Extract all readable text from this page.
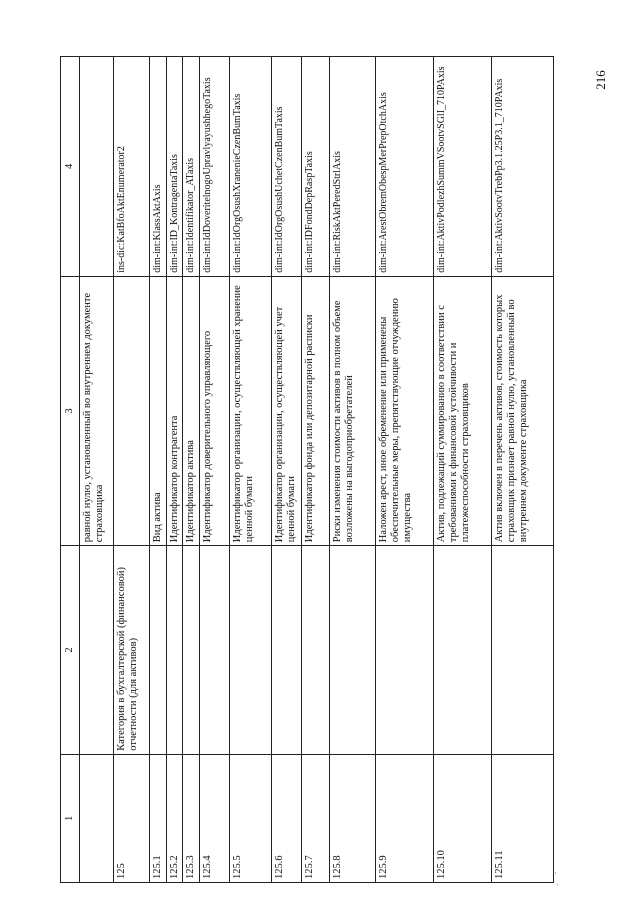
216
1	2	3	4
		равной нулю, установленный во внутреннем документе страховщика	
125	Категория в бухгалтерской (финансовой) отчетности (для активов)		ins-dic:KatBfoAktEnumerator2
125.1		Вид актива	dim-int:KlassAktAxis
125.2		Идентификатор контрагента	dim-int:ID_KontragentaTaxis
125.3		Идентификатор актива	dim-int:Identifikator_ATaxis
125.4		Идентификатор доверительного управляющего	dim-int:IdDoveritelnogoUpravlyayushhegoTaxis
125.5		Идентификатор организации, осуществляющей хранение ценной бумаги	dim-int:IdOrgOsushXranenieCzenBumTaxis
125.6		Идентификатор организации, осуществляющей учет ценной бумаги	dim-int:IdOrgOsushUchetCzenBumTaxis
125.7		Идентификатор фонда или депозитарной расписки	dim-int:IDFondDepRaspTaxis
125.8		Риски изменения стоимости активов в полном объеме возложены на выгодоприобретателей	dim-int:RiskAktPeredStrlAxis
125.9		Наложен арест, иное обременение или применены обеспечительные меры, препятствующие отчуждению имущества	dim-int:ArestObremObespMerPrepOtchAxis
125.10		Актив, подлежащий суммированию в соответствии с требованиями к финансовой устойчивости и платежеспособности страховщиков	dim-int:AktivPodlezhSummVSootvSGlI_710PAxis
125.11		Актив включен в перечень активов, стоимость которых страховщик признает равной нулю, установленный во внутреннем документе страховщика	dim-int:AktivSootvTrebPp3.1.25P3.1_710PAxis
·
·
